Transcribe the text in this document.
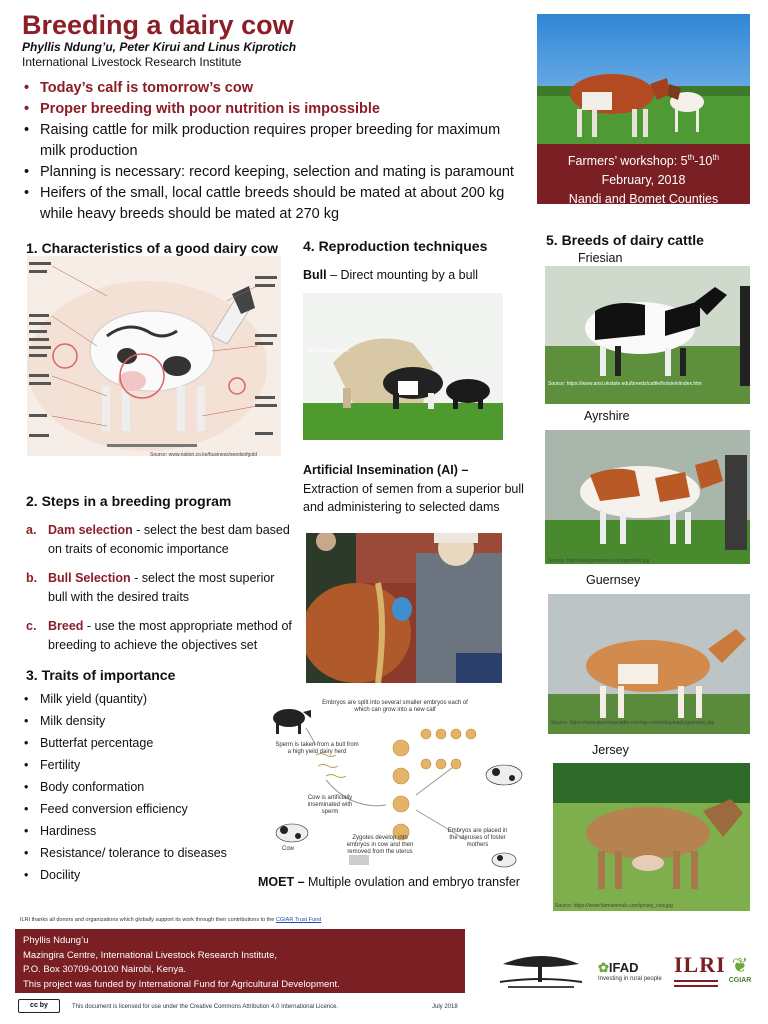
Breeding a dairy cow
Phyllis Ndung’u, Peter Kirui and Linus Kiprotich
International Livestock Research Institute
• Today’s calf is tomorrow’s cow
• Proper breeding with poor nutrition is impossible
• Raising cattle for milk production requires proper breeding for maximum milk production
• Planning is necessary: record keeping, selection and mating is paramount
• Heifers of the small, local cattle breeds should be mated at about 200 kg while heavy breeds should be mated at 270 kg
Farmers’ workshop: 5th-10th
February, 2018
Nandi and Bomet Counties
1. Characteristics of a good dairy cow
Source: www.nation.co.ke/business/seedsofgold
2. Steps in a breeding program
a. Dam selection - select the best dam based on traits of economic importance
b. Bull Selection - select the most superior bull with the desired traits
c. Breed - use the most appropriate method of breeding to achieve the objectives set
3. Traits of importance
• Milk yield (quantity)
• Milk density
• Butterfat percentage
• Fertility
• Body conformation
• Feed conversion efficiency
• Hardiness
• Resistance/ tolerance to diseases
• Docility
4. Reproduction techniques
Bull – Direct mounting by a bull
https://pixabay.com
Artificial Insemination (AI) –
Extraction of semen from a superior bull and administering to selected dams
Embryos are split into several smaller embryos each of which can grow into a new calf
Sperm is taken from a bull from a high yield dairy herd
Cow is artificially inseminated with sperm
Zygotes develop into embryos in cow and then removed from the uterus
Embryos are placed in the uteruses of foster mothers
Cow
MOET – Multiple ovulation and embryo transfer
5. Breeds of dairy cattle
Friesian
Source: https://www.ansi.okstate.edu/breeds/cattle/holstein/index.htm
Ayrshire
Source: http://www.jenonsee.com/ayrshire.jpg
Guernsey
Source: https://www.guernseycattle.com/wp-content/uploads/guernsey.jpg
Jersey
Source: https://www.farmanimals.com/jersey_cow.jpg
ILRI thanks all donors and organizations which globally support its work through their contributions to the CGIAR Trust Fund
Phyllis Ndung’u
Mazingira Centre, International Livestock Research Institute,
P.O. Box 30709-00100 Nairobi, Kenya.
This project was funded by International Fund for Agricultural Development.
✿IFAD
Investing in rural people
ILRI ❦
CGIAR
cc by	This document is licensed for use under the Creative Commons Attribution 4.0 International Licence.	July 2018
